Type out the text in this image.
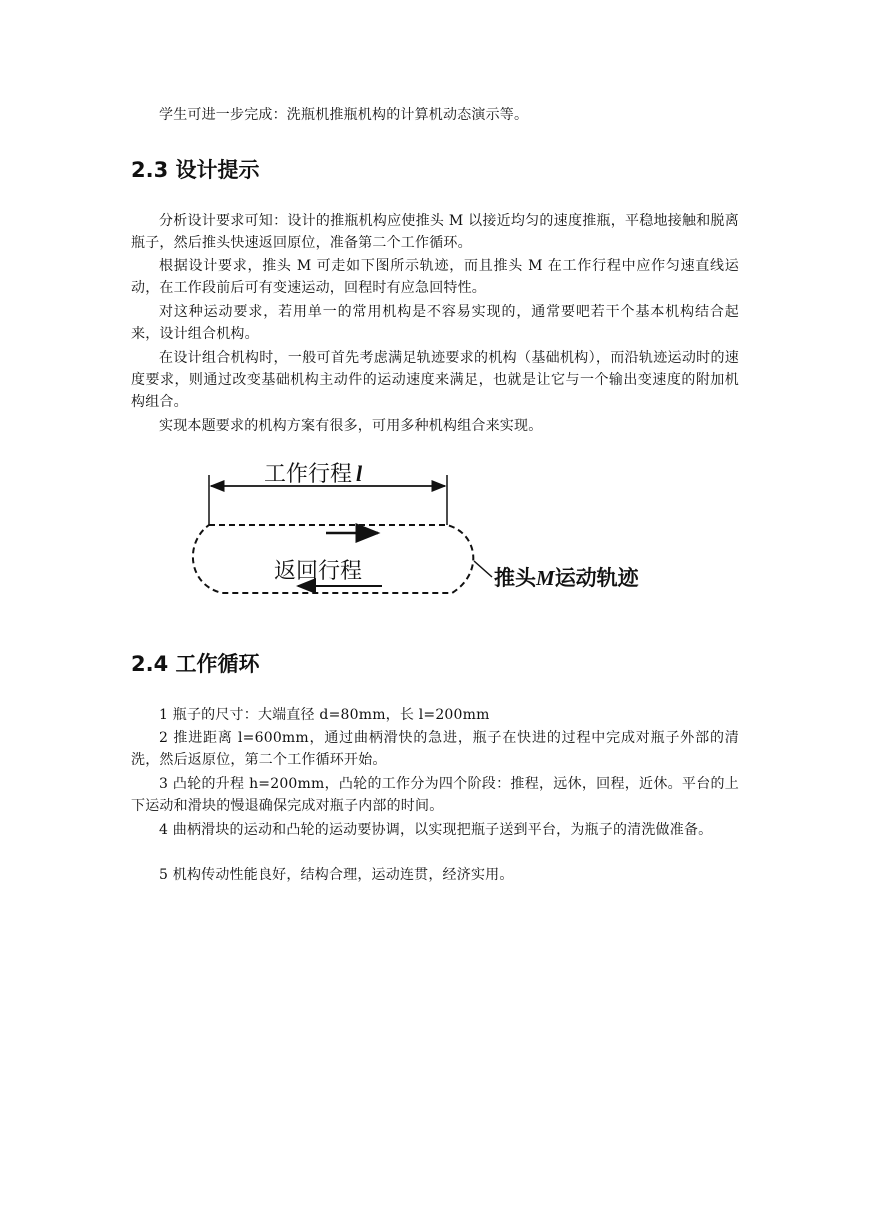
学生可进一步完成：洗瓶机推瓶机构的计算机动态演示等。

2.3 设计提示

分析设计要求可知：设计的推瓶机构应使推头 M 以接近均匀的速度推瓶，平稳地接触和脱离瓶子，然后推头快速返回原位，准备第二个工作循环。

根据设计要求，推头 M 可走如下图所示轨迹，而且推头 M 在工作行程中应作匀速直线运动，在工作段前后可有变速运动，回程时有应急回特性。

对这种运动要求，若用单一的常用机构是不容易实现的，通常要吧若干个基本机构结合起来，设计组合机构。

在设计组合机构时，一般可首先考虑满足轨迹要求的机构（基础机构），而沿轨迹运动时的速度要求，则通过改变基础机构主动件的运动速度来满足，也就是让它与一个输出变速度的附加机构组合。

实现本题要求的机构方案有很多，可用多种机构组合来实现。

工作行程 l
返回行程	推头M运动轨迹
2.4 工作循环

1 瓶子的尺寸：大端直径 d=80mm，长 l=200mm

2 推进距离 l=600mm，通过曲柄滑快的急进，瓶子在快进的过程中完成对瓶子外部的清洗，然后返原位，第二个工作循环开始。

3 凸轮的升程 h=200mm，凸轮的工作分为四个阶段：推程，远休，回程，近休。平台的上下运动和滑块的慢退确保完成对瓶子内部的时间。

4 曲柄滑块的运动和凸轮的运动要协调，以实现把瓶子送到平台，为瓶子的清洗做准备。

5 机构传动性能良好，结构合理，运动连贯，经济实用。
